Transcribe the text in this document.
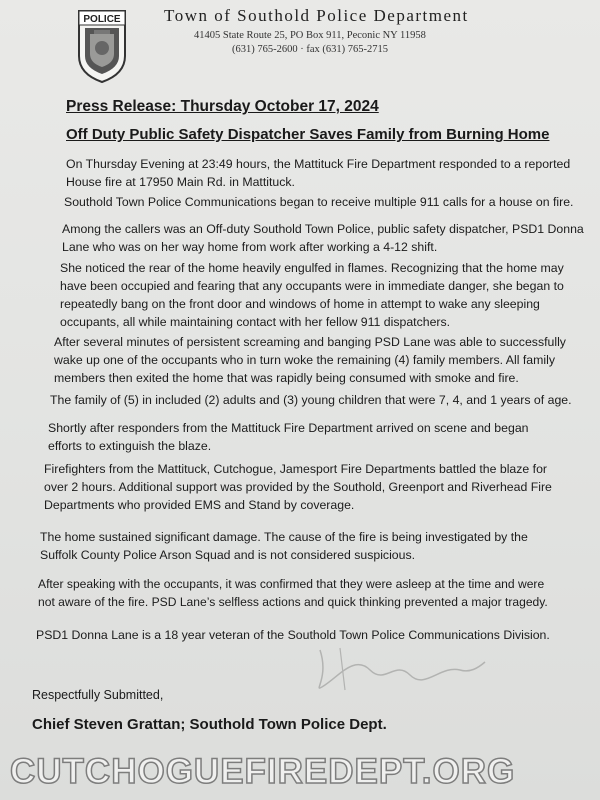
POLICE	Town of Southold Police Department
41405 State Route 25, PO Box 911, Peconic NY 11958
(631) 765-2600 · fax (631) 765-2715
Press Release: Thursday October 17, 2024
Off Duty Public Safety Dispatcher Saves Family from Burning Home
On Thursday Evening at 23:49 hours, the Mattituck Fire Department responded to a reported
House fire at 17950 Main Rd. in Mattituck.
Southold Town Police Communications began to receive multiple 911 calls for a house on fire.
Among the callers was an Off-duty Southold Town Police, public safety dispatcher, PSD1 Donna
Lane who was on her way home from work after working a 4-12 shift.
She noticed the rear of the home heavily engulfed in flames. Recognizing that the home may
have been occupied and fearing that any occupants were in immediate danger, she began to
repeatedly bang on the front door and windows of home in attempt to wake any sleeping
occupants, all while maintaining contact with her fellow 911 dispatchers.
After several minutes of persistent screaming and banging PSD Lane was able to successfully
wake up one of the occupants who in turn woke the remaining (4) family members. All family
members then exited the home that was rapidly being consumed with smoke and fire.
The family of (5) in included (2) adults and (3) young children that were 7, 4, and 1 years of age.
Shortly after responders from the Mattituck Fire Department arrived on scene and began
efforts to extinguish the blaze.
Firefighters from the Mattituck, Cutchogue, Jamesport Fire Departments battled the blaze for
over 2 hours. Additional support was provided by the Southold, Greenport and Riverhead Fire
Departments who provided EMS and Stand by coverage.
The home sustained significant damage. The cause of the fire is being investigated by the
Suffolk County Police Arson Squad and is not considered suspicious.
After speaking with the occupants, it was confirmed that they were asleep at the time and were
not aware of the fire. PSD Lane’s selfless actions and quick thinking prevented a major tragedy.
PSD1 Donna Lane is a 18 year veteran of the Southold Town Police Communications Division.
Respectfully Submitted,
Chief Steven Grattan; Southold Town Police Dept.
CUTCHOGUEFIREDEPT.ORG
